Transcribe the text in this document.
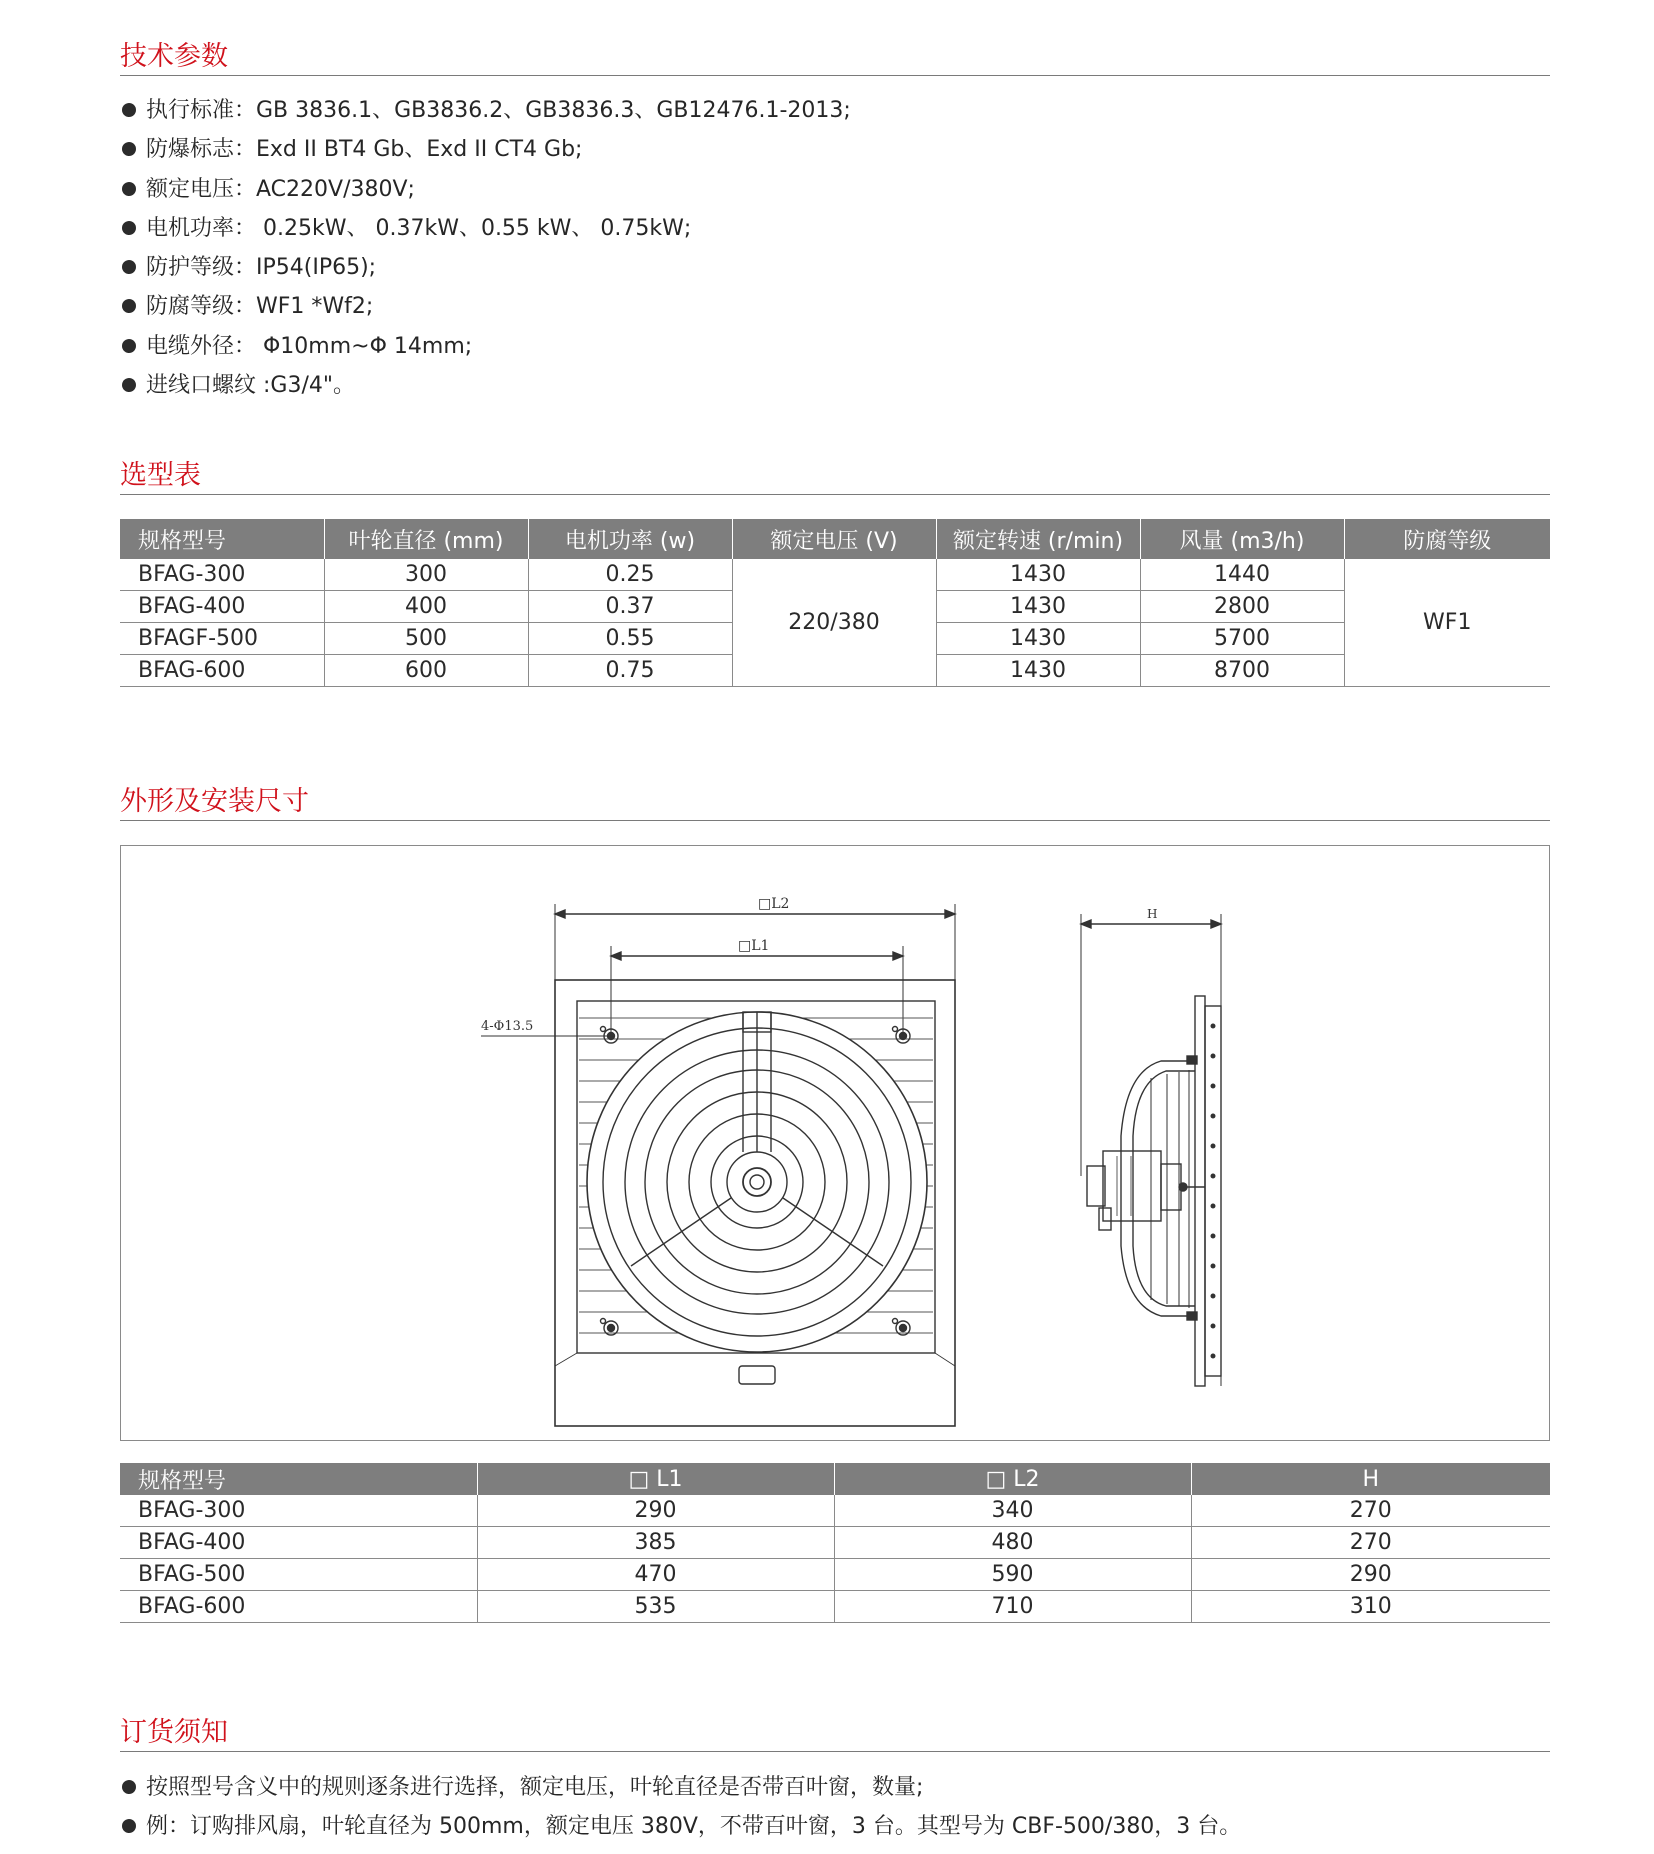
技术参数
执行标准：GB 3836.1、GB3836.2、GB3836.3、GB12476.1-2013;
防爆标志：Exd II BT4 Gb、Exd II CT4 Gb;
额定电压：AC220V/380V;
电机功率： 0.25kW、 0.37kW、0.55 kW、 0.75kW;
防护等级：IP54(IP65);
防腐等级：WF1 *Wf2;
电缆外径： Φ10mm~Φ 14mm;
进线口螺纹 :G3/4"。
选型表
规格型号	叶轮直径 (mm)	电机功率 (w)	额定电压 (V)	额定转速 (r/min)	风量 (m3/h)	防腐等级
BFAG-300	300	0.25	220/380	1430	1440	WF1
BFAG-400	400	0.37		1430	2800	
BFAGF-500	500	0.55		1430	5700	
BFAG-600	600	0.75		1430	8700	
外形及安装尺寸
□L2
□L1
4-Φ13.5
H
规格型号	□ L1	□ L2	H
BFAG-300	290	340	270
BFAG-400	385	480	270
BFAG-500	470	590	290
BFAG-600	535	710	310
订货须知
按照型号含义中的规则逐条进行选择，额定电压，叶轮直径是否带百叶窗，数量;
例：订购排风扇，叶轮直径为 500mm，额定电压 380V，不带百叶窗，3 台。其型号为 CBF-500/380，3 台。
